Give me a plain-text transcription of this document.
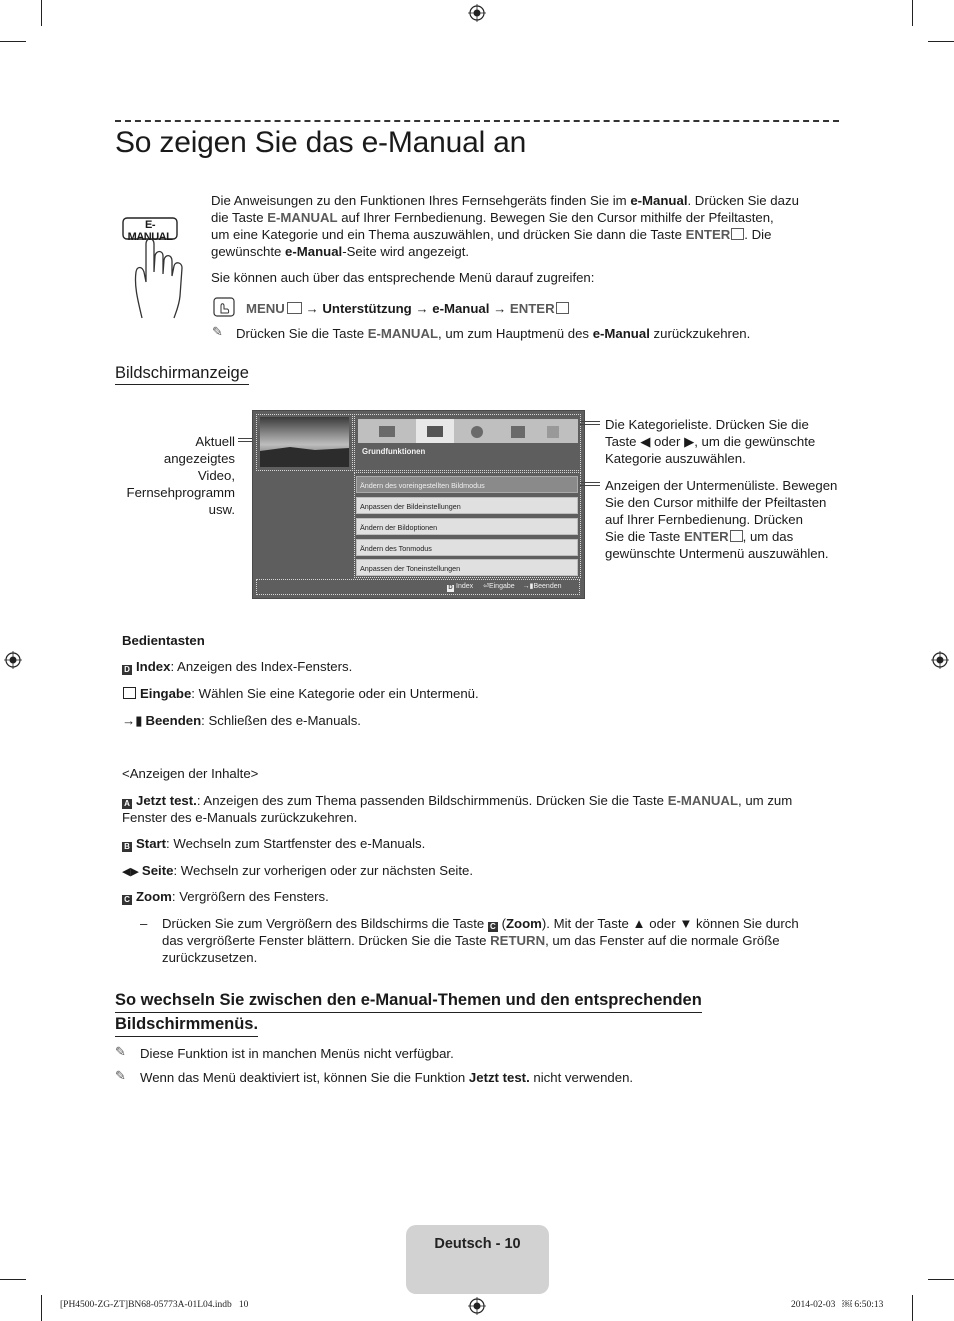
So zeigen Sie das e-Manual an
E-MANUAL
Die Anweisungen zu den Funktionen Ihres Fernsehgeräts finden Sie im e-Manual. Drücken Sie dazu
die Taste E-MANUAL auf Ihrer Fernbedienung. Bewegen Sie den Cursor mithilfe der Pfeiltasten,
um eine Kategorie und ein Thema auszuwählen, und drücken Sie dann die Taste ENTER . Die
gewünschte e-Manual-Seite wird angezeigt.
Sie können auch über das entsprechende Menü darauf zugreifen:
MENU → Unterstützung → e-Manual → ENTER
✎ Drücken Sie die Taste E-MANUAL, um zum Hauptmenü des e-Manual zurückzukehren.
Bildschirmanzeige
Aktuell
angezeigtes
Video,
Fernsehprogramm
usw.
Grundfunktionen
Ändern des voreingestellten Bildmodus
Anpassen der Bildeinstellungen
Ändern der Bildoptionen
Ändern des Tonmodus
Anpassen der Toneinstellungen
D Index ⏎Eingabe →▮Beenden
Die Kategorieliste. Drücken Sie die
Taste ◀ oder ▶, um die gewünschte
Kategorie auszuwählen.
Anzeigen der Untermenüliste. Bewegen
Sie den Cursor mithilfe der Pfeiltasten
auf Ihrer Fernbedienung. Drücken
Sie die Taste ENTER , um das
gewünschte Untermenü auszuwählen.
Bedientasten
D Index: Anzeigen des Index-Fensters.
Eingabe: Wählen Sie eine Kategorie oder ein Untermenü.
→▮ Beenden: Schließen des e-Manuals.
<Anzeigen der Inhalte>
A Jetzt test.: Anzeigen des zum Thema passenden Bildschirmmenüs. Drücken Sie die Taste E-MANUAL, um zum
Fenster des e-Manuals zurückzukehren.
B Start: Wechseln zum Startfenster des e-Manuals.
◀▶ Seite: Wechseln zur vorherigen oder zur nächsten Seite.
C Zoom: Vergrößern des Fensters.
– Drücken Sie zum Vergrößern des Bildschirms die Taste C (Zoom). Mit der Taste ▲ oder ▼ können Sie durch
das vergrößerte Fenster blättern. Drücken Sie die Taste RETURN, um das Fenster auf die normale Größe
zurückzusetzen.
So wechseln Sie zwischen den e-Manual-Themen und den entsprechenden
Bildschirmmenüs.
✎ Diese Funktion ist in manchen Menüs nicht verfügbar.
✎ Wenn das Menü deaktiviert ist, können Sie die Funktion Jetzt test. nicht verwenden.
Deutsch - 10
[PH4500-ZG-ZT]BN68-05773A-01L04.indb   10	2014-02-03   ￼ 6:50:13
